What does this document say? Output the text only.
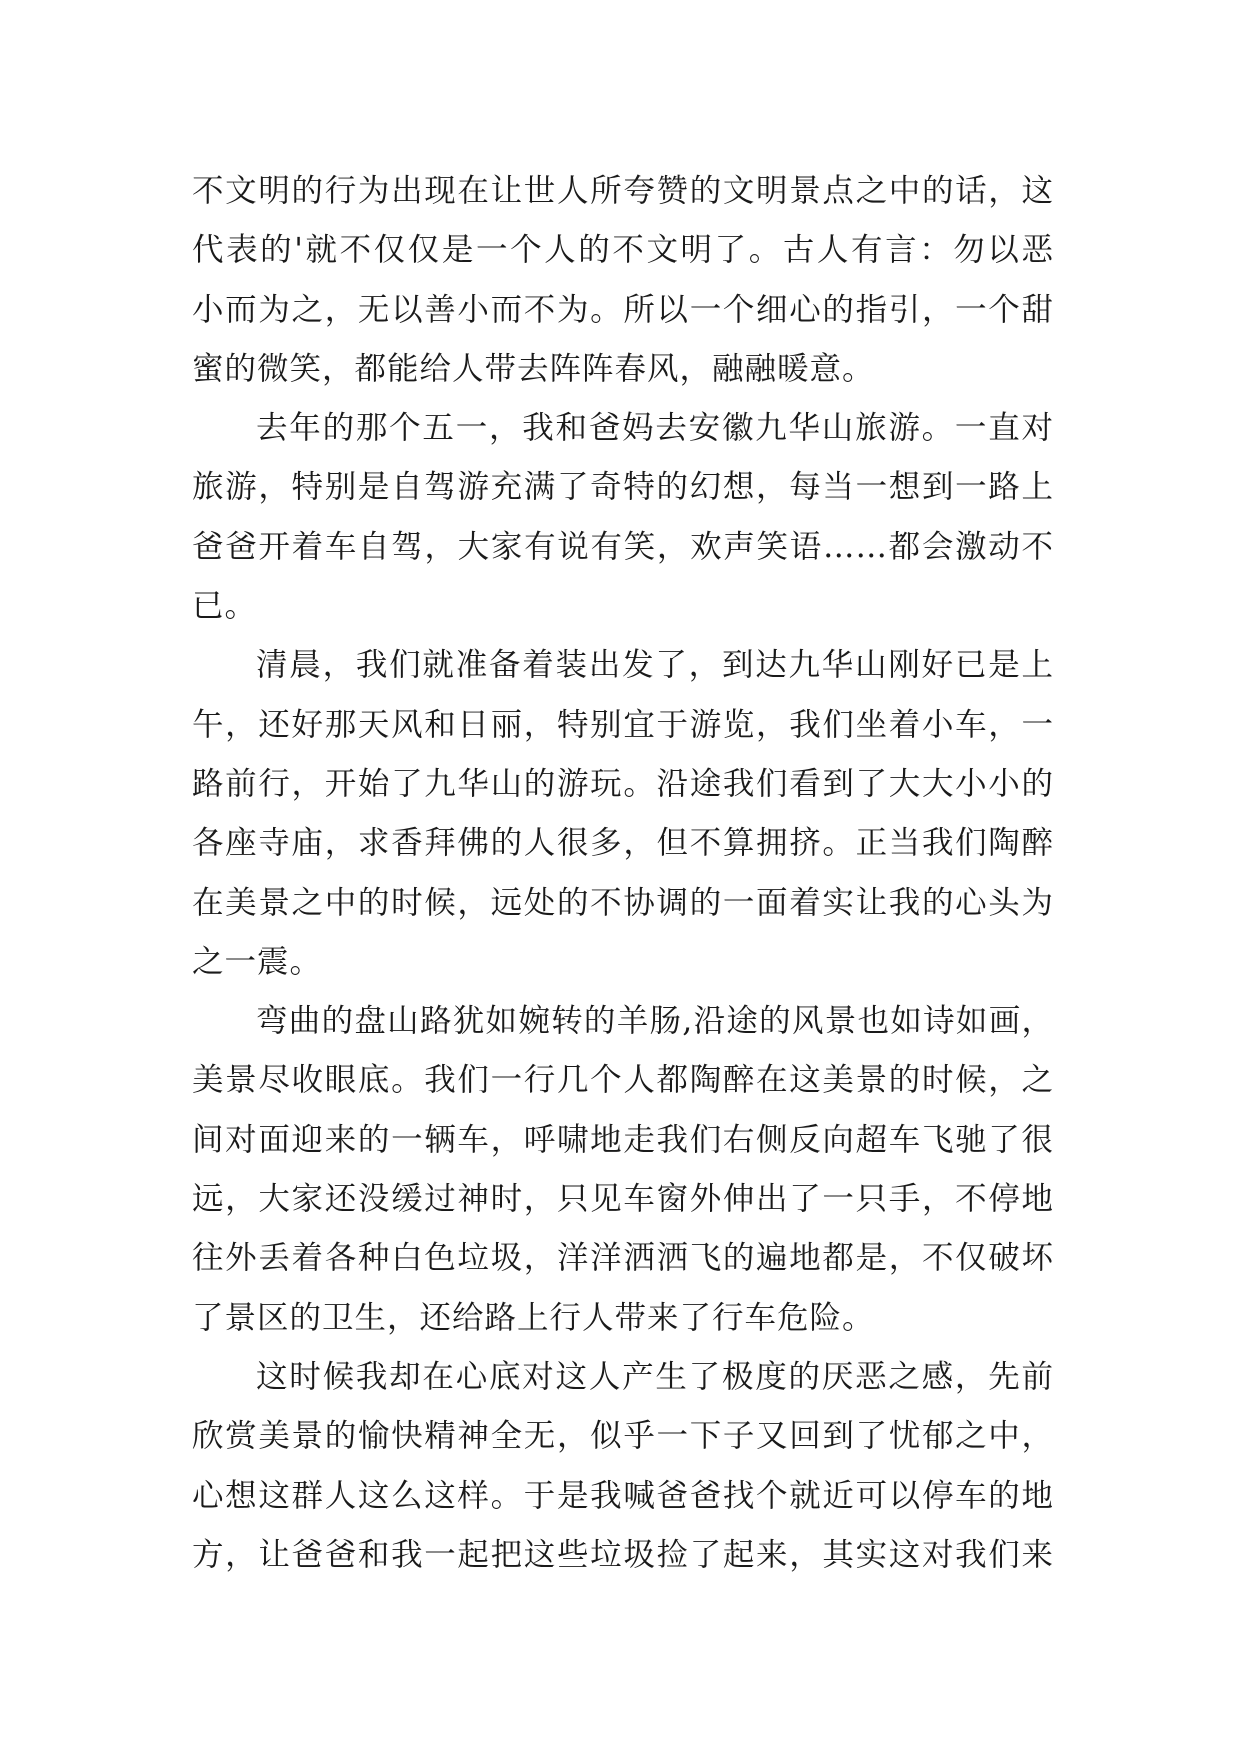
不文明的行为出现在让世人所夸赞的文明景点之中的话，这
代表的'就不仅仅是一个人的不文明了。古人有言：勿以恶
小而为之，无以善小而不为。所以一个细心的指引，一个甜
蜜的微笑，都能给人带去阵阵春风，融融暖意。
去年的那个五一，我和爸妈去安徽九华山旅游。一直对
旅游，特别是自驾游充满了奇特的幻想，每当一想到一路上
爸爸开着车自驾，大家有说有笑，欢声笑语……都会激动不
已。
清晨，我们就准备着装出发了，到达九华山刚好已是上
午，还好那天风和日丽，特别宜于游览，我们坐着小车，一
路前行，开始了九华山的游玩。沿途我们看到了大大小小的
各座寺庙，求香拜佛的人很多，但不算拥挤。正当我们陶醉
在美景之中的时候，远处的不协调的一面着实让我的心头为
之一震。
弯曲的盘山路犹如婉转的羊肠,沿途的风景也如诗如画，
美景尽收眼底。我们一行几个人都陶醉在这美景的时候，之
间对面迎来的一辆车，呼啸地走我们右侧反向超车飞驰了很
远，大家还没缓过神时，只见车窗外伸出了一只手，不停地
往外丢着各种白色垃圾，洋洋洒洒飞的遍地都是，不仅破坏
了景区的卫生，还给路上行人带来了行车危险。
这时候我却在心底对这人产生了极度的厌恶之感，先前
欣赏美景的愉快精神全无，似乎一下子又回到了忧郁之中，
心想这群人这么这样。于是我喊爸爸找个就近可以停车的地
方，让爸爸和我一起把这些垃圾捡了起来，其实这对我们来
